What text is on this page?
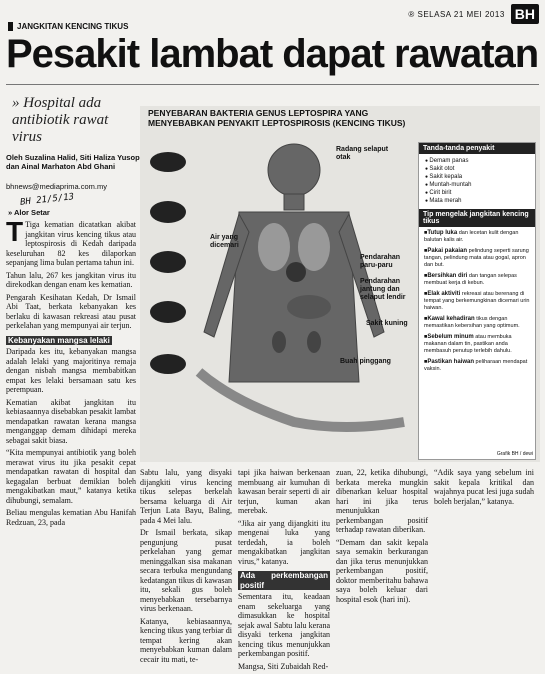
® SELASA 21 MEI 2013 BH
JANGKITAN KENCING TIKUS
Pesakit lambat dapat rawatan
» Hospital ada antibiotik rawat virus
Oleh Suzalina Halid, Siti Haliza Yusop dan Ainal Marhaton Abd Ghani
bhnews@mediaprima.com.my
BH 21/5/13
» Alor Setar

T Tiga kematian dicatatkan akibat jangkitan virus kencing tikus atau leptospirosis di Kedah daripada keseluruhan 82 kes dilaporkan sepanjang lima bulan pertama tahun ini.

Tahun lalu, 267 kes jangkitan virus itu direkodkan dengan enam kes kematian.

Pengarah Kesihatan Kedah, Dr Ismail Abi Taat, berkata kebanyakan kes berlaku di kawasan rekreasi atau pusat perkelahan yang mempunyai air terjun.

Kebanyakan mangsa lelaki

Daripada kes itu, kebanyakan mangsa adalah lelaki yang majoritinya remaja dengan nisbah mangsa membabitkan empat kes lelaki bersamaan satu kes perempuan.

Kematian akibat jangkitan itu kebiasaannya disebabkan pesakit lambat mendapatkan rawatan kerana mangsa menganggap demam dihidapi mereka sebagai sakit biasa.

“Kita mempunyai antibiotik yang boleh merawat virus itu jika pesakit cepat mendapatkan rawatan di hospital dan kegagalan berbuat demikian boleh mengakibatkan maut,” katanya ketika dihubungi, semalam.

Beliau mengulas kematian Abu Hanifah Redzuan, 23, pada

PENYEBARAN BAKTERIA GENUS LEPTOSPIRA YANG MENYEBABKAN PENYAKIT LEPTOSPIROSIS (KENCING TIKUS)
Radang selaput otak
Air yang dicemari
Pendarahan paru-paru
Pendarahan jantung dan selaput lendir
Sakit kuning
Buah pinggang
Tanda-tanda penyakit
● Demam panas
● Sakit otot
● Sakit kepala
● Muntah-muntah
● Cirit birit
● Mata merah
Tip mengelak jangkitan kencing tikus
■ Tutup luka dan lecetan kulit dengan balutan kalis air.
■ Pakai pakaian pelindung seperti sarung tangan, pelindung mata atau gogal, apron dan but.
■ Bersihkan diri dan tangan selepas membuat kerja di kebun.
■ Elak aktiviti rekreasi atau berenang di tempat yang berkemungkinan dicemari urin haiwan.
■ Kawal kehadiran tikus dengan memastikan kebersihan yang optimum.
■ Sebelum minum atau membuka makanan dalam tin, pastikan anda membasuh penutup terlebih dahulu.
■ Pastikan haiwan peliharaan mendapat vaksin.
Grafik BH / dewi

Sabtu lalu, yang disyaki dijangkiti virus kencing tikus selepas berkelah bersama keluarga di Air Terjun Lata Bayu, Baling, pada 4 Mei lalu.

Dr Ismail berkata, sikap pengunjung pusat perkelahan yang gemar meninggalkan sisa makanan secara terbuka mengundang kedatangan tikus di kawasan itu, sekali gus boleh menyebabkan tersebarnya virus berkenaan.

Katanya, kebiasaannya, kencing tikus yang terbiar di tempat kering akan menyebabkan kuman dalam cecair itu mati, te-

tapi jika haiwan berkenaan membuang air kumuhan di kawasan berair seperti di air terjun, kuman akan merebak.

“Jika air yang dijangkiti itu mengenai luka yang terdedah, ia boleh mengakibatkan jangkitan virus,” katanya.

Ada perkembangan positif

Sementara itu, keadaan enam sekeluarga yang dimasukkan ke hospital sejak awal Sabtu lalu kerana disyaki terkena jangkitan kencing tikus menunjukkan perkembangan positif.

Mangsa, Siti Zubaidah Red-

zuan, 22, ketika dihubungi, berkata mereka mungkin dibenarkan keluar hospital hari ini jika terus menunjukkan perkembangan positif terhadap rawatan diberikan.

“Demam dan sakit kepala saya semakin berkurangan dan jika terus menunjukkan perkembangan positif, doktor memberitahu bahawa saya boleh keluar dari hospital esok (hari ini).

“Adik saya yang sebelum ini sakit kepala kritikal dan wajahnya pucat lesi juga sudah boleh berjalan,” katanya.
